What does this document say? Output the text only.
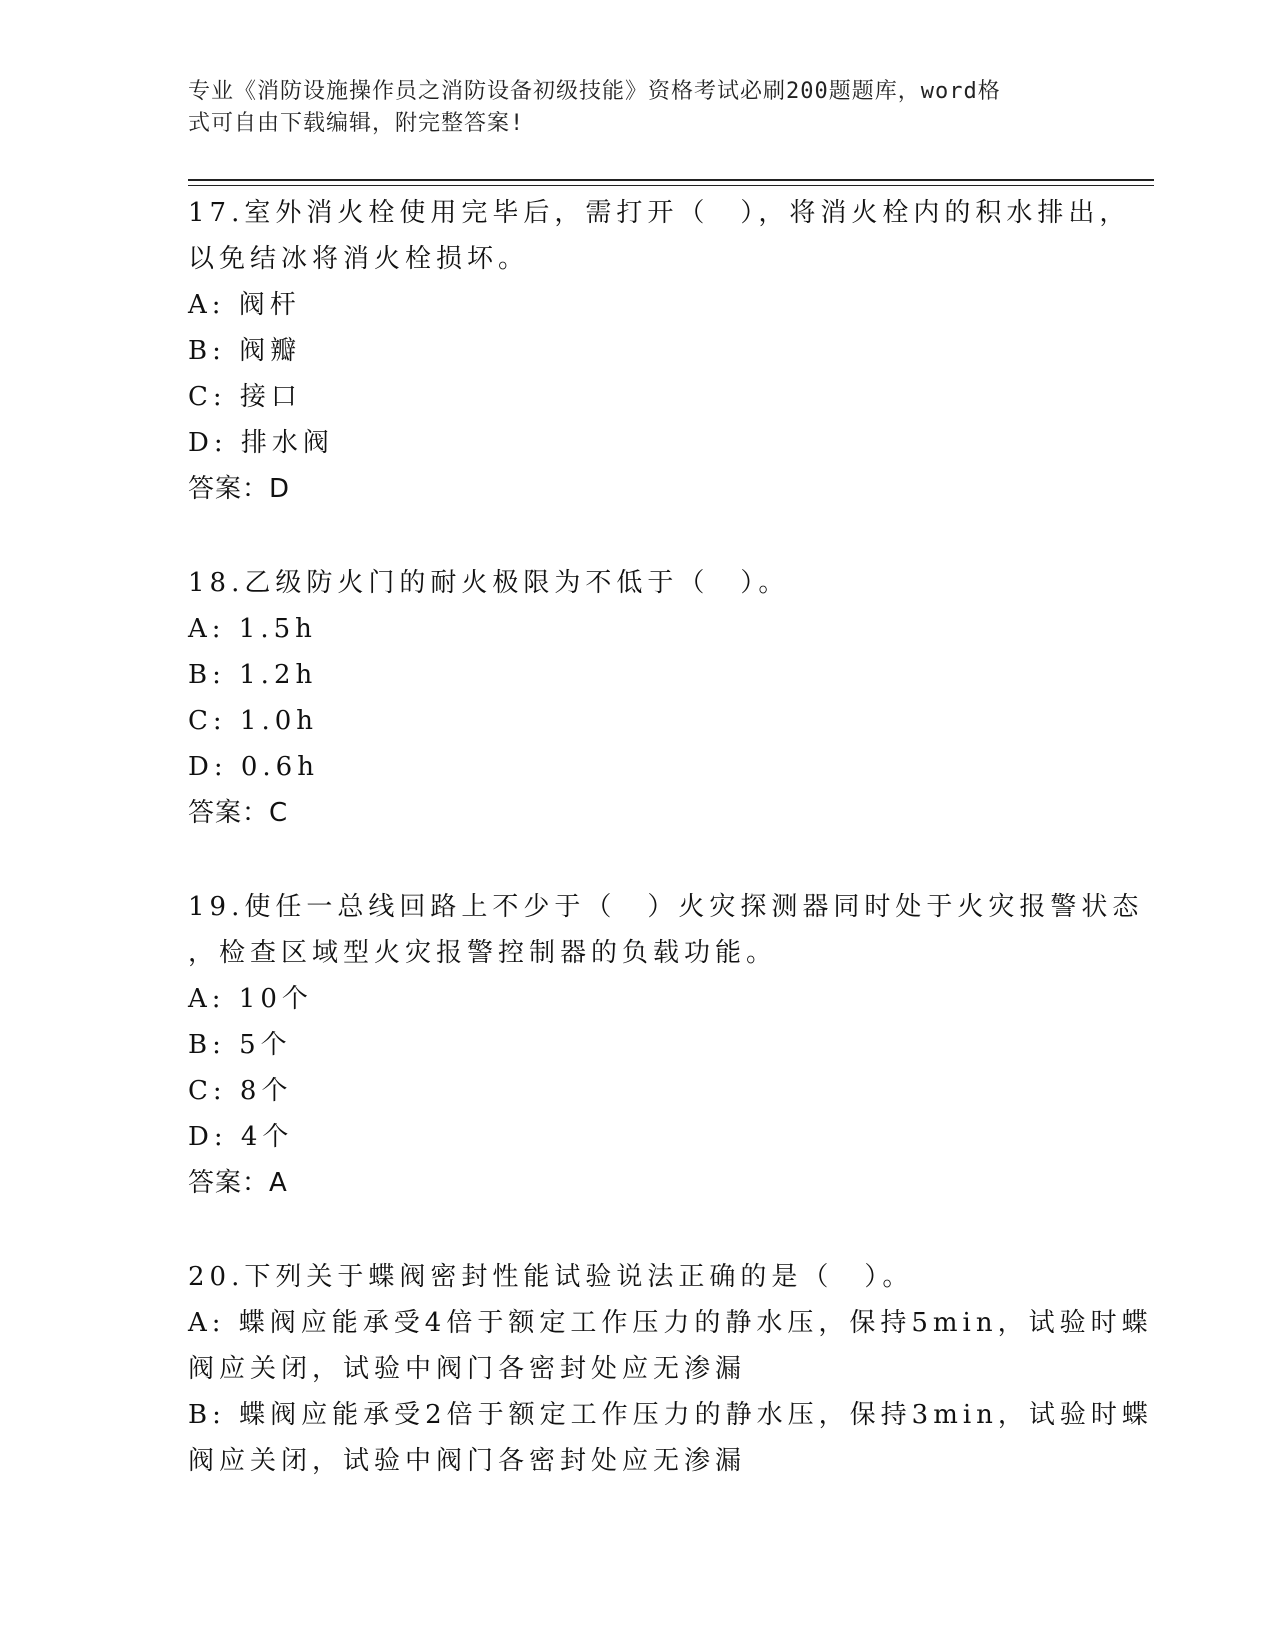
专业《消防设施操作员之消防设备初级技能》资格考试必刷200题题库，word格
式可自由下载编辑，附完整答案!
17.室外消火栓使用完毕后，需打开（　），将消火栓内的积水排出，
以免结冰将消火栓损坏。
A: 阀杆
B: 阀瓣
C: 接口
D: 排水阀
答案：D
18.乙级防火门的耐火极限为不低于（　）。
A: 1.5h
B: 1.2h
C: 1.0h
D: 0.6h
答案：C
19.使任一总线回路上不少于（　）火灾探测器同时处于火灾报警状态
，检查区域型火灾报警控制器的负载功能。
A: 10个
B: 5个
C: 8个
D: 4个
答案：A
20.下列关于蝶阀密封性能试验说法正确的是（　）。
A: 蝶阀应能承受4倍于额定工作压力的静水压，保持5min，试验时蝶
阀应关闭，试验中阀门各密封处应无渗漏
B: 蝶阀应能承受2倍于额定工作压力的静水压，保持3min，试验时蝶
阀应关闭，试验中阀门各密封处应无渗漏
